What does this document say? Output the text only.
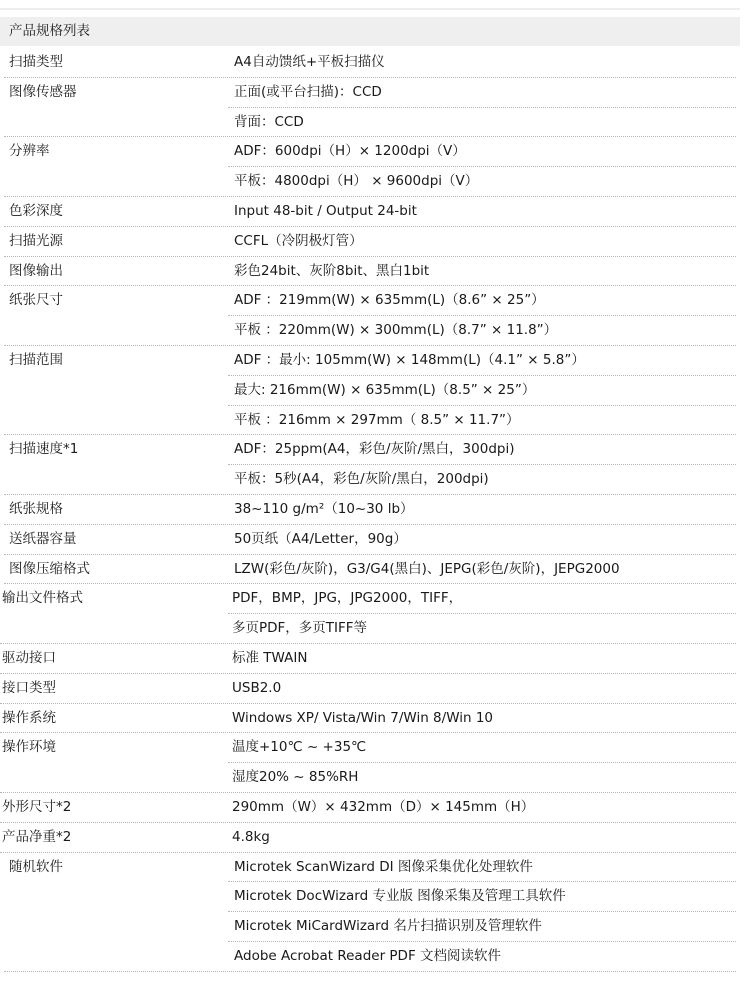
产品规格列表
扫描类型	A4自动馈纸+平板扫描仪
图像传感器	正面(或平台扫描)：CCD
背面：CCD
分辨率	ADF：600dpi（H）× 1200dpi（V）
平板：4800dpi（H） × 9600dpi（V）
色彩深度	Input 48-bit / Output 24-bit
扫描光源	CCFL（冷阴极灯管）
图像输出	彩色24bit、灰阶8bit、黑白1bit
纸张尺寸	ADF ：219mm(W) × 635mm(L)（8.6” × 25”）
平板 ：220mm(W) × 300mm(L)（8.7” × 11.8”）
扫描范围	ADF ：最小: 105mm(W) × 148mm(L)（4.1” × 5.8”）
最大: 216mm(W) × 635mm(L)（8.5” × 25”）
平板 ：216mm × 297mm（ 8.5” × 11.7”）
扫描速度*1	ADF：25ppm(A4，彩色/灰阶/黑白，300dpi)
平板：5秒(A4，彩色/灰阶/黑白，200dpi)
纸张规格	38~110 g/m²（10~30 lb）
送纸器容量	50页纸（A4/Letter，90g）
图像压缩格式	LZW(彩色/灰阶)，G3/G4(黑白)、JEPG(彩色/灰阶)，JEPG2000
输出文件格式	PDF，BMP，JPG，JPG2000，TIFF，
多页PDF，多页TIFF等
驱动接口	标准 TWAIN
接口类型	USB2.0
操作系统	Windows XP/ Vista/Win 7/Win 8/Win 10
操作环境	温度+10℃ ~ +35℃
湿度20% ~ 85%RH
外形尺寸*2	290mm（W）× 432mm（D）× 145mm（H）
产品净重*2	4.8kg
随机软件	Microtek ScanWizard DI 图像采集优化处理软件
Microtek DocWizard 专业版 图像采集及管理工具软件
Microtek MiCardWizard 名片扫描识别及管理软件
Adobe Acrobat Reader PDF 文档阅读软件
